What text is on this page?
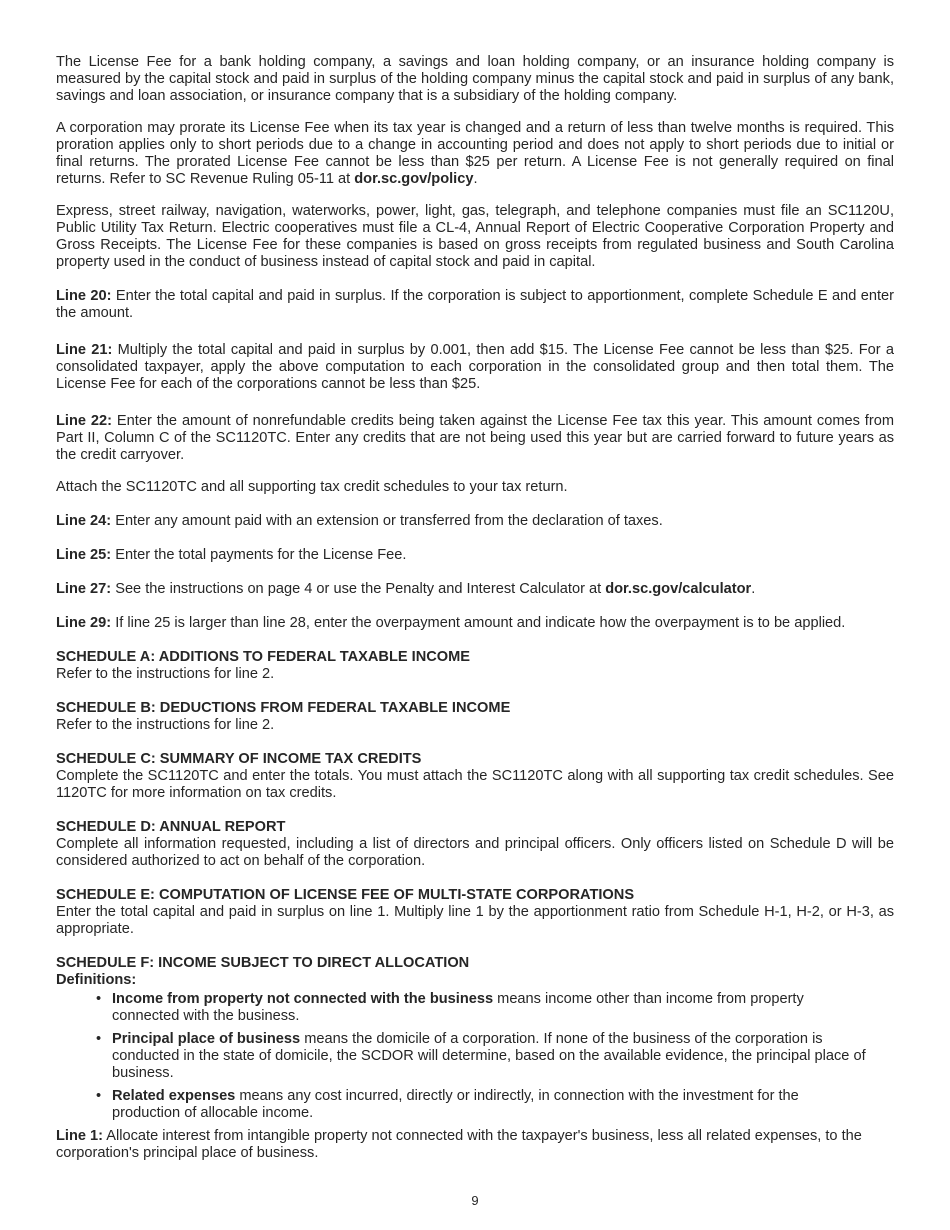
The License Fee for a bank holding company, a savings and loan holding company, or an insurance holding company is measured by the capital stock and paid in surplus of the holding company minus the capital stock and paid in surplus of any bank, savings and loan association, or insurance company that is a subsidiary of the holding company.

A corporation may prorate its License Fee when its tax year is changed and a return of less than twelve months is required. This proration applies only to short periods due to a change in accounting period and does not apply to short periods due to initial or final returns. The prorated License Fee cannot be less than $25 per return. A License Fee is not generally required on final returns. Refer to SC Revenue Ruling 05-11 at dor.sc.gov/policy.

Express, street railway, navigation, waterworks, power, light, gas, telegraph, and telephone companies must file an SC1120U, Public Utility Tax Return. Electric cooperatives must file a CL-4, Annual Report of Electric Cooperative Corporation Property and Gross Receipts. The License Fee for these companies is based on gross receipts from regulated business and South Carolina property used in the conduct of business instead of capital stock and paid in capital.

Line 20: Enter the total capital and paid in surplus. If the corporation is subject to apportionment, complete Schedule E and enter the amount.

Line 21: Multiply the total capital and paid in surplus by 0.001, then add $15. The License Fee cannot be less than $25. For a consolidated taxpayer, apply the above computation to each corporation in the consolidated group and then total them. The License Fee for each of the corporations cannot be less than $25.

Line 22: Enter the amount of nonrefundable credits being taken against the License Fee tax this year. This amount comes from Part II, Column C of the SC1120TC. Enter any credits that are not being used this year but are carried forward to future years as the credit carryover.

Attach the SC1120TC and all supporting tax credit schedules to your tax return.

Line 24: Enter any amount paid with an extension or transferred from the declaration of taxes.

Line 25: Enter the total payments for the License Fee.

Line 27: See the instructions on page 4 or use the Penalty and Interest Calculator at dor.sc.gov/calculator.

Line 29: If line 25 is larger than line 28, enter the overpayment amount and indicate how the overpayment is to be applied.

SCHEDULE A: ADDITIONS TO FEDERAL TAXABLE INCOME

Refer to the instructions for line 2.

SCHEDULE B: DEDUCTIONS FROM FEDERAL TAXABLE INCOME

Refer to the instructions for line 2.

SCHEDULE C: SUMMARY OF INCOME TAX CREDITS

Complete the SC1120TC and enter the totals. You must attach the SC1120TC along with all supporting tax credit schedules. See 1120TC for more information on tax credits.

SCHEDULE D: ANNUAL REPORT

Complete all information requested, including a list of directors and principal officers. Only officers listed on Schedule D will be considered authorized to act on behalf of the corporation.

SCHEDULE E: COMPUTATION OF LICENSE FEE OF MULTI-STATE CORPORATIONS

Enter the total capital and paid in surplus on line 1. Multiply line 1 by the apportionment ratio from Schedule H-1, H-2, or H-3, as appropriate.

SCHEDULE F: INCOME SUBJECT TO DIRECT ALLOCATION
Definitions:
• Income from property not connected with the business means income other than income from property connected with the business.
• Principal place of business means the domicile of a corporation. If none of the business of the corporation is conducted in the state of domicile, the SCDOR will determine, based on the available evidence, the principal place of business.
• Related expenses means any cost incurred, directly or indirectly, in connection with the investment for the production of allocable income.

Line 1: Allocate interest from intangible property not connected with the taxpayer's business, less all related expenses, to the corporation's principal place of business.

9
